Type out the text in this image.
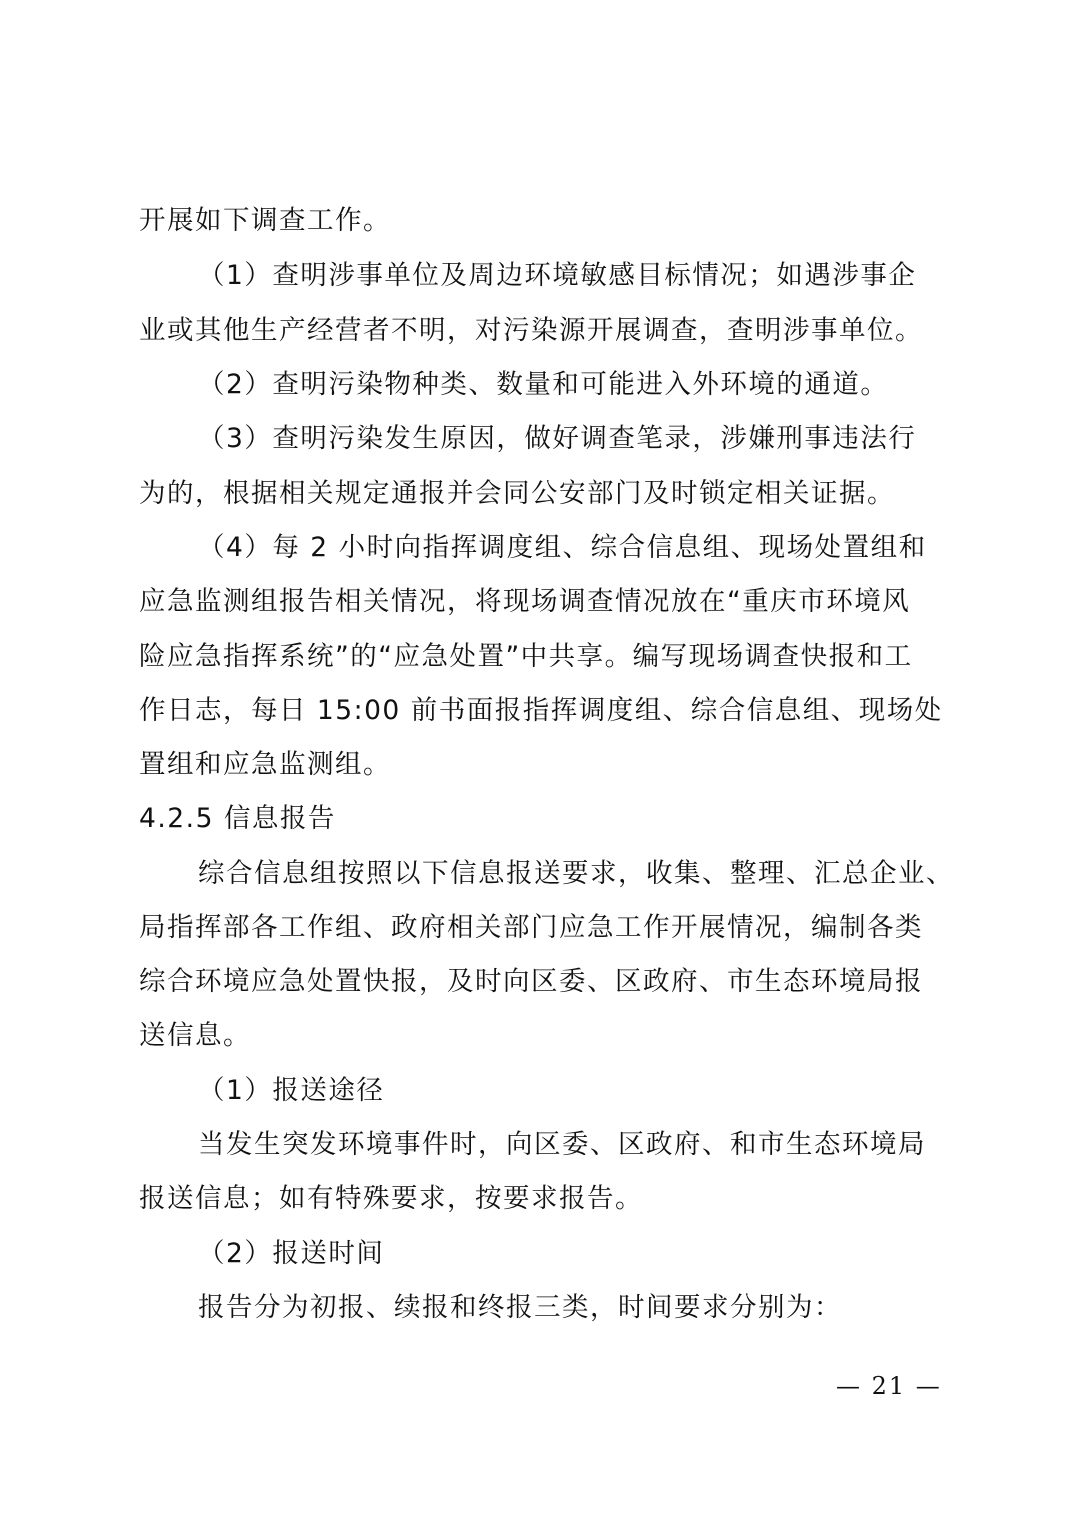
开展如下调查工作。
（1）查明涉事单位及周边环境敏感目标情况；如遇涉事企
业或其他生产经营者不明，对污染源开展调查，查明涉事单位。
（2）查明污染物种类、数量和可能进入外环境的通道。
（3）查明污染发生原因，做好调查笔录，涉嫌刑事违法行
为的，根据相关规定通报并会同公安部门及时锁定相关证据。
（4）每 2 小时向指挥调度组、综合信息组、现场处置组和
应急监测组报告相关情况，将现场调查情况放在“重庆市环境风
险应急指挥系统”的“应急处置”中共享。编写现场调查快报和工
作日志，每日 15:00 前书面报指挥调度组、综合信息组、现场处
置组和应急监测组。
4.2.5 信息报告
综合信息组按照以下信息报送要求，收集、整理、汇总企业、
局指挥部各工作组、政府相关部门应急工作开展情况，编制各类
综合环境应急处置快报，及时向区委、区政府、市生态环境局报
送信息。
（1）报送途径
当发生突发环境事件时，向区委、区政府、和市生态环境局
报送信息；如有特殊要求，按要求报告。
（2）报送时间
报告分为初报、续报和终报三类，时间要求分别为：
— 21 —
